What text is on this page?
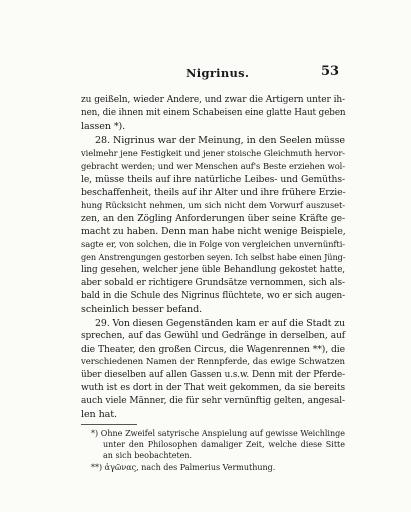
Nigrinus.	53
zu geißeln, wieder Andere, und zwar die Artigern unter ih-
nen, die ihnen mit einem Schabeisen eine glatte Haut geben
lassen *).
28. Nigrinus war der Meinung, in den Seelen müsse
vielmehr jene Festigkeit und jener stoische Gleichmuth hervor-
gebracht werden; und wer Menschen auf's Beste erziehen wol-
le, müsse theils auf ihre natürliche Leibes- und Gemüths-
beschaffenheit, theils auf ihr Alter und ihre frühere Erzie-
hung Rücksicht nehmen, um sich nicht dem Vorwurf auszuset-
zen, an den Zögling Anforderungen über seine Kräfte ge-
macht zu haben. Denn man habe nicht wenige Beispiele,
sagte er, von solchen, die in Folge von vergleichen unvernünfti-
gen Anstrengungen gestorben seyen. Ich selbst habe einen Jüng-
ling gesehen, welcher jene üble Behandlung gekostet hatte,
aber sobald er richtigere Grundsätze vernommen, sich als-
bald in die Schule des Nigrinus flüchtete, wo er sich augen-
scheinlich besser befand.
29. Von diesen Gegenständen kam er auf die Stadt zu
sprechen, auf das Gewühl und Gedränge in derselben, auf
die Theater, den großen Circus, die Wagenrennen **), die
verschiedenen Namen der Rennpferde, das ewige Schwatzen
über dieselben auf allen Gassen u.s.w. Denn mit der Pferde-
wuth ist es dort in der That weit gekommen, da sie bereits
auch viele Männer, die für sehr vernünftig gelten, angesal-
len hat.
*) Ohne Zweifel satyrische Anspielung auf gewisse Weichlinge
unter den Philosophen damaliger Zeit, welche diese Sitte
an sich beobachteten.
**) ἀγῶνας, nach des Palmerius Vermuthung.
